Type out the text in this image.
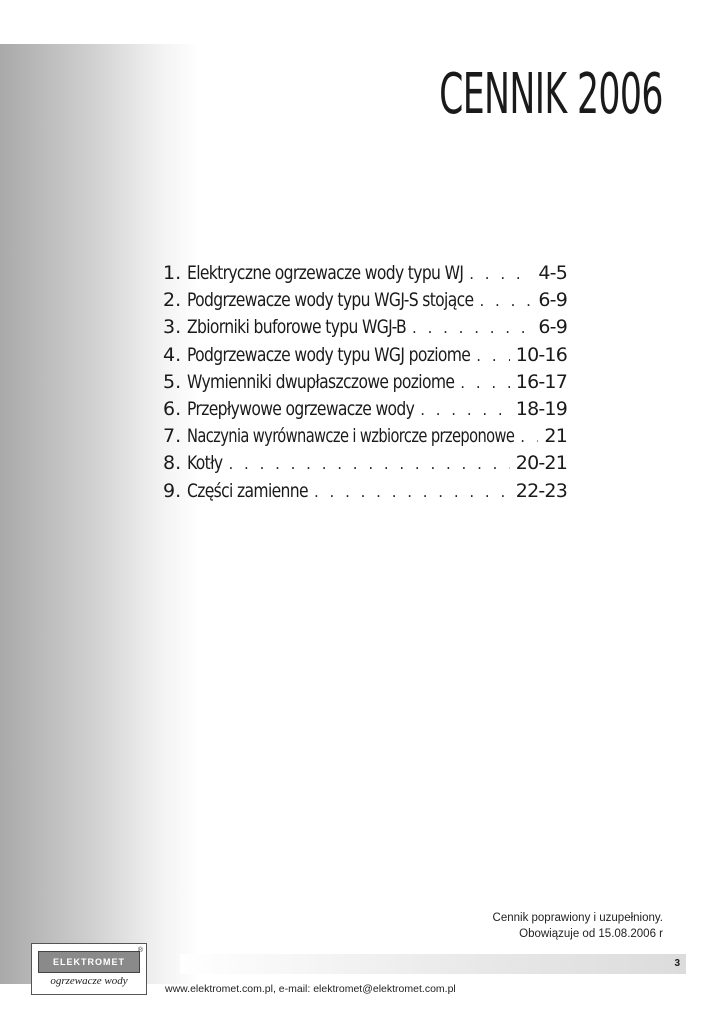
CENNIK 2006
1. Elektryczne ogrzewacze wody typu WJ . . .	4-5
2. Podgrzewacze wody typu WGJ-S stojące . . .	6-9
3. Zbiorniki buforowe typu WGJ-B . . .	6-9
4. Podgrzewacze wody typu WGJ poziome . . . 10-16
5. Wymienniki dwupłaszczowe poziome . . .	16-17
6. Przepływowe ogrzewacze wody . . .	18-19
7. Naczynia wyrównawcze i wzbiorcze przeponowe . . . 21
8. Kotły . . .	20-21
9. Części zamienne . . .	22-23
Cennik poprawiony i uzupełniony.
Obowiązuje od 15.08.2006 r
3
ELEKTROMET
®
ogrzewacze wody
www.elektromet.com.pl, e-mail: elektromet@elektromet.com.pl
